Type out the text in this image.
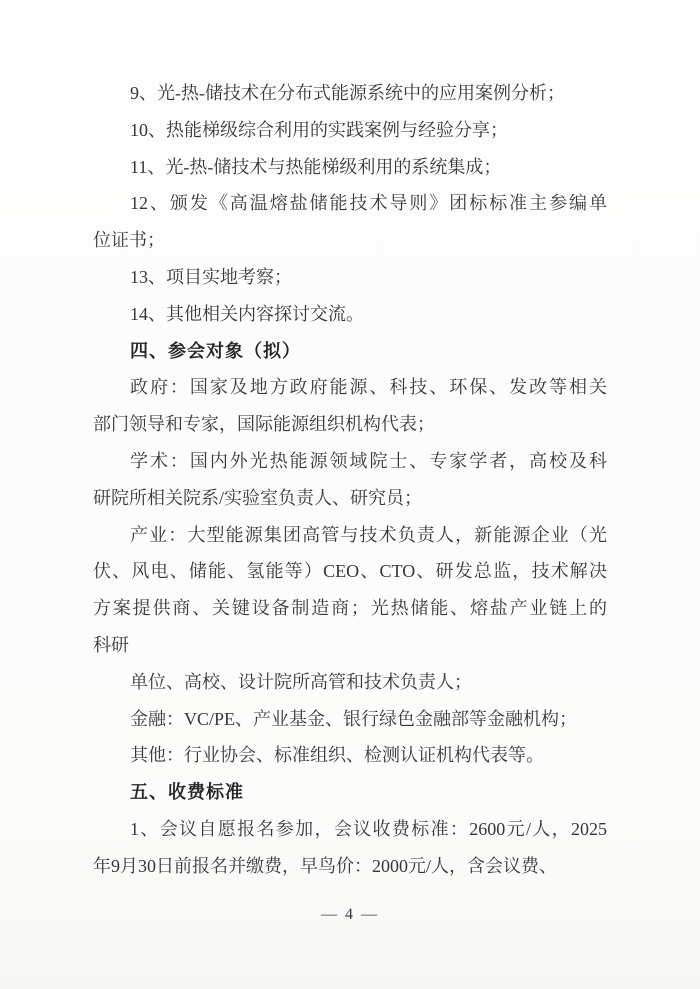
9、光-热-储技术在分布式能源系统中的应用案例分析；

10、热能梯级综合利用的实践案例与经验分享；

11、光-热-储技术与热能梯级利用的系统集成；

12、颁发《高温熔盐储能技术导则》团标标准主参编单
位证书；

13、项目实地考察；

14、其他相关内容探讨交流。

四、参会对象（拟）

政府：国家及地方政府能源、科技、环保、发改等相关
部门领导和专家，国际能源组织机构代表；

学术：国内外光热能源领域院士、专家学者，高校及科
研院所相关院系/实验室负责人、研究员；

产业：大型能源集团高管与技术负责人，新能源企业（光
伏、风电、储能、氢能等）CEO、CTO、研发总监，技术解决
方案提供商、关键设备制造商；光热储能、熔盐产业链上的
科研

单位、高校、设计院所高管和技术负责人；

金融：VC/PE、产业基金、银行绿色金融部等金融机构；

其他：行业协会、标准组织、检测认证机构代表等。

五、收费标准

1、会议自愿报名参加，会议收费标准：2600元/人，2025
年9月30日前报名并缴费，早鸟价：2000元/人，含会议费、

— 4 —
